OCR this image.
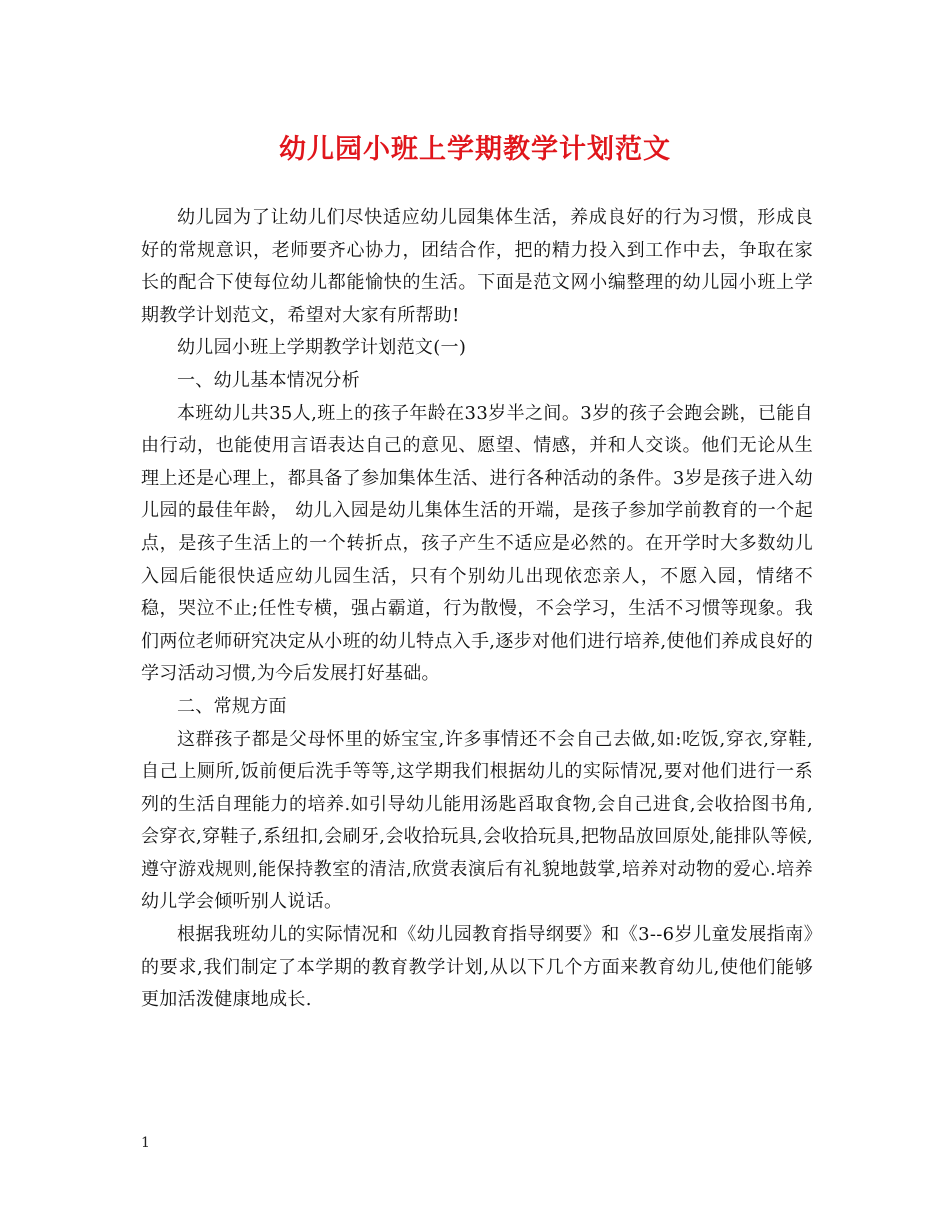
幼儿园小班上学期教学计划范文

幼儿园为了让幼儿们尽快适应幼儿园集体生活，养成良好的行为习惯，形成良好的常规意识，老师要齐心协力，团结合作，把的精力投入到工作中去，争取在家长的配合下使每位幼儿都能愉快的生活。下面是范文网小编整理的幼儿园小班上学期教学计划范文，希望对大家有所帮助!

幼儿园小班上学期教学计划范文(一)

一、幼儿基本情况分析

本班幼儿共35人,班上的孩子年龄在33岁半之间。3岁的孩子会跑会跳，已能自由行动，也能使用言语表达自己的意见、愿望、情感，并和人交谈。他们无论从生理上还是心理上，都具备了参加集体生活、进行各种活动的条件。3岁是孩子进入幼儿园的最佳年龄， 幼儿入园是幼儿集体生活的开端，是孩子参加学前教育的一个起点，是孩子生活上的一个转折点，孩子产生不适应是必然的。在开学时大多数幼儿入园后能很快适应幼儿园生活，只有个别幼儿出现依恋亲人，不愿入园，情绪不稳，哭泣不止;任性专横，强占霸道，行为散慢，不会学习，生活不习惯等现象。我们两位老师研究决定从小班的幼儿特点入手,逐步对他们进行培养,使他们养成良好的学习活动习惯,为今后发展打好基础。

二、常规方面

这群孩子都是父母怀里的娇宝宝,许多事情还不会自己去做,如:吃饭,穿衣,穿鞋,自己上厕所,饭前便后洗手等等,这学期我们根据幼儿的实际情况,要对他们进行一系列的生活自理能力的培养.如引导幼儿能用汤匙舀取食物,会自己进食,会收拾图书角,会穿衣,穿鞋子,系纽扣,会刷牙,会收拾玩具,会收拾玩具,把物品放回原处,能排队等候,遵守游戏规则,能保持教室的清洁,欣赏表演后有礼貌地鼓掌,培养对动物的爱心.培养幼儿学会倾听别人说话。

根据我班幼儿的实际情况和《幼儿园教育指导纲要》和《3--6岁儿童发展指南》的要求,我们制定了本学期的教育教学计划,从以下几个方面来教育幼儿,使他们能够更加活泼健康地成长.

1
